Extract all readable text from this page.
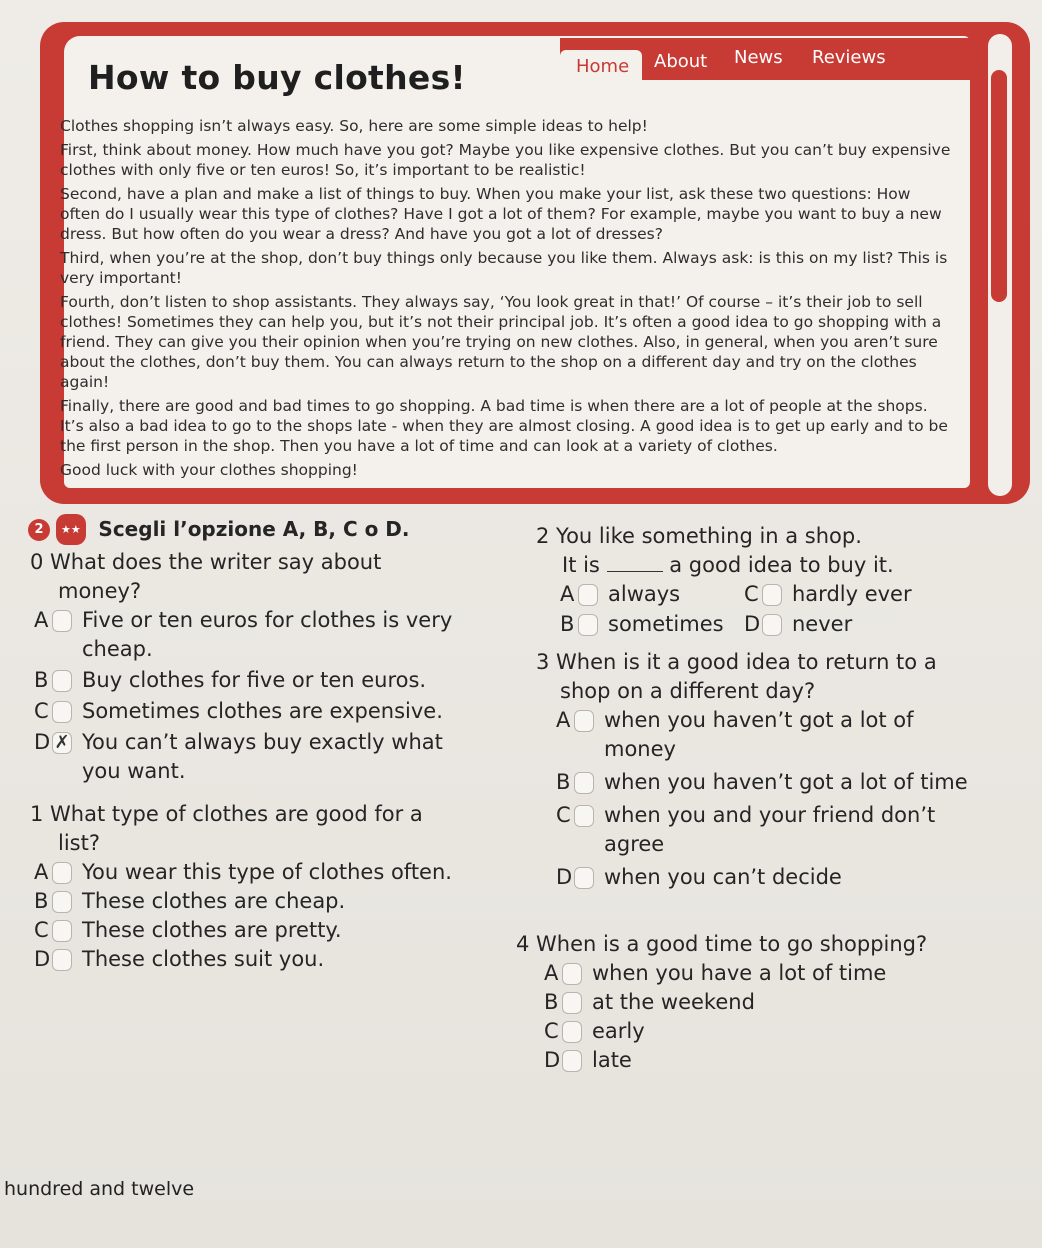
How to buy clothes!	Home About News Reviews

Clothes shopping isn’t always easy. So, here are some simple ideas to help!

First, think about money. How much have you got? Maybe you like expensive clothes. But you can’t buy expensive clothes with only five or ten euros! So, it’s important to be realistic!

Second, have a plan and make a list of things to buy. When you make your list, ask these two questions: How often do I usually wear this type of clothes? Have I got a lot of them? For example, maybe you want to buy a new dress. But how often do you wear a dress? And have you got a lot of dresses?

Third, when you’re at the shop, don’t buy things only because you like them. Always ask: is this on my list? This is very important!

Fourth, don’t listen to shop assistants. They always say, ‘You look great in that!’ Of course – it’s their job to sell clothes! Sometimes they can help you, but it’s not their principal job. It’s often a good idea to go shopping with a friend. They can give you their opinion when you’re trying on new clothes. Also, in general, when you aren’t sure about the clothes, don’t buy them. You can always return to the shop on a different day and try on the clothes again!

Finally, there are good and bad times to go shopping. A bad time is when there are a lot of people at the shops. It’s also a bad idea to go to the shops late - when they are almost closing. A good idea is to get up early and to be the first person in the shop. Then you have a lot of time and can look at a variety of clothes.

Good luck with your clothes shopping!

2 ★★ Scegli l’opzione A, B, C o D.

0 What does the writer say about money?

A Five or ten euros for clothes is very cheap.
B Buy clothes for five or ten euros.
C Sometimes clothes are expensive.
D ✗ You can’t always buy exactly what you want.

1 What type of clothes are good for a list?

A You wear this type of clothes often.
B These clothes are cheap.
C These clothes are pretty.
D These clothes suit you.

2 You like something in a shop.

It is	a good idea to buy it.

A always	C hardly ever
B sometimes D never

3 When is it a good idea to return to a shop on a different day?

A when you haven’t got a lot of money
B when you haven’t got a lot of time
C when you and your friend don’t agree
D when you can’t decide

4 When is a good time to go shopping?

A when you have a lot of time
B at the weekend
C early
D late
hundred and twelve
